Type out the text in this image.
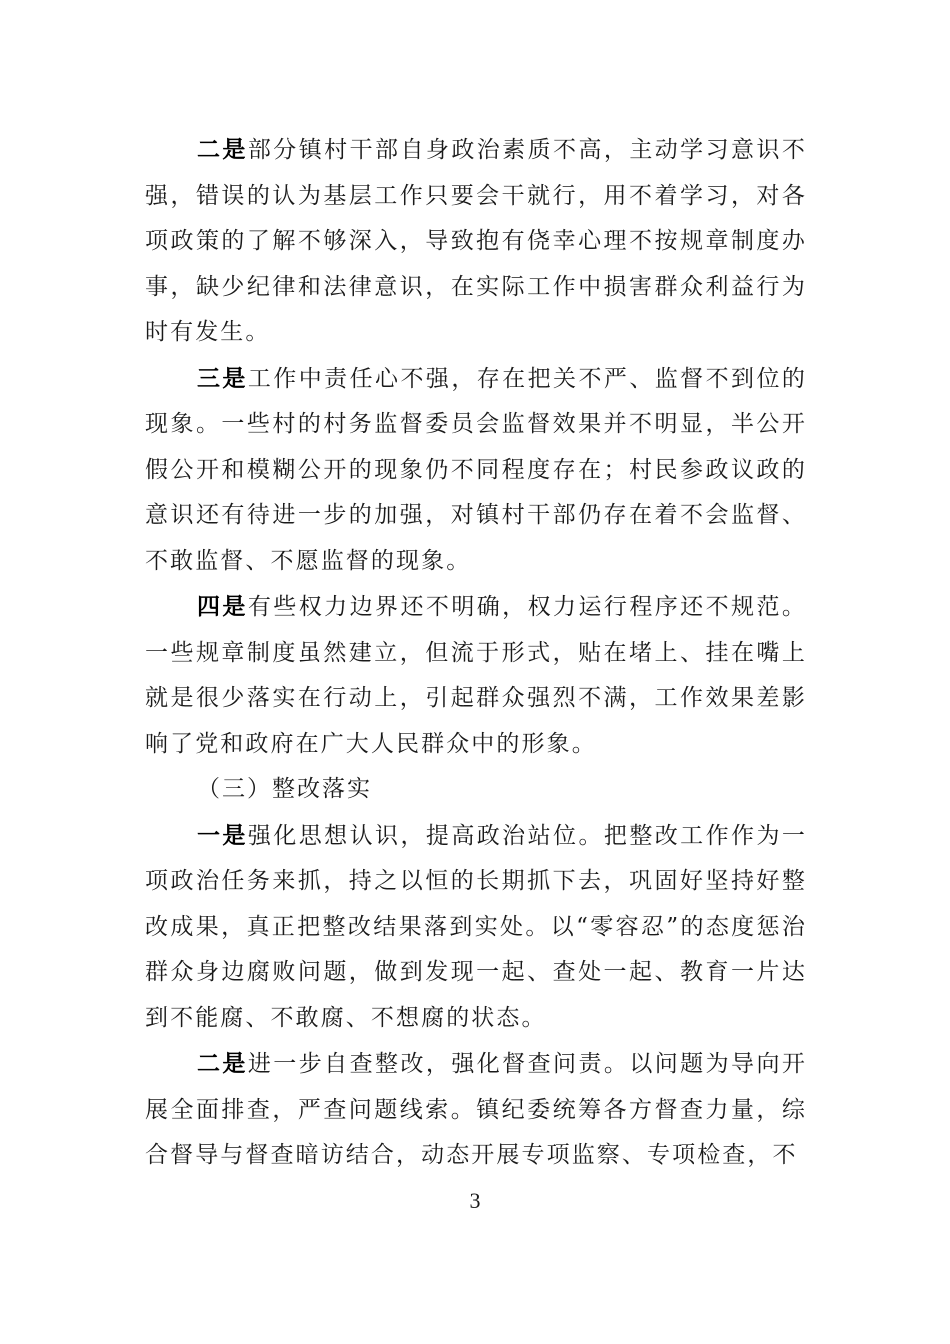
二是部分镇村干部自身政治素质不高，主动学习意识不强，错误的认为基层工作只要会干就行，用不着学习，对各项政策的了解不够深入，导致抱有侥幸心理不按规章制度办事，缺少纪律和法律意识，在实际工作中损害群众利益行为时有发生。

三是工作中责任心不强，存在把关不严、监督不到位的现象。一些村的村务监督委员会监督效果并不明显，半公开假公开和模糊公开的现象仍不同程度存在；村民参政议政的意识还有待进一步的加强，对镇村干部仍存在着不会监督、不敢监督、不愿监督的现象。

四是有些权力边界还不明确，权力运行程序还不规范。一些规章制度虽然建立，但流于形式，贴在堵上、挂在嘴上就是很少落实在行动上，引起群众强烈不满，工作效果差影响了党和政府在广大人民群众中的形象。

（三）整改落实

一是强化思想认识，提高政治站位。把整改工作作为一项政治任务来抓，持之以恒的长期抓下去，巩固好坚持好整改成果，真正把整改结果落到实处。以“零容忍”的态度惩治群众身边腐败问题，做到发现一起、查处一起、教育一片达到不能腐、不敢腐、不想腐的状态。

二是进一步自查整改，强化督查问责。以问题为导向开展全面排查，严查问题线索。镇纪委统筹各方督查力量，综合督导与督查暗访结合，动态开展专项监察、专项检查，不

3
